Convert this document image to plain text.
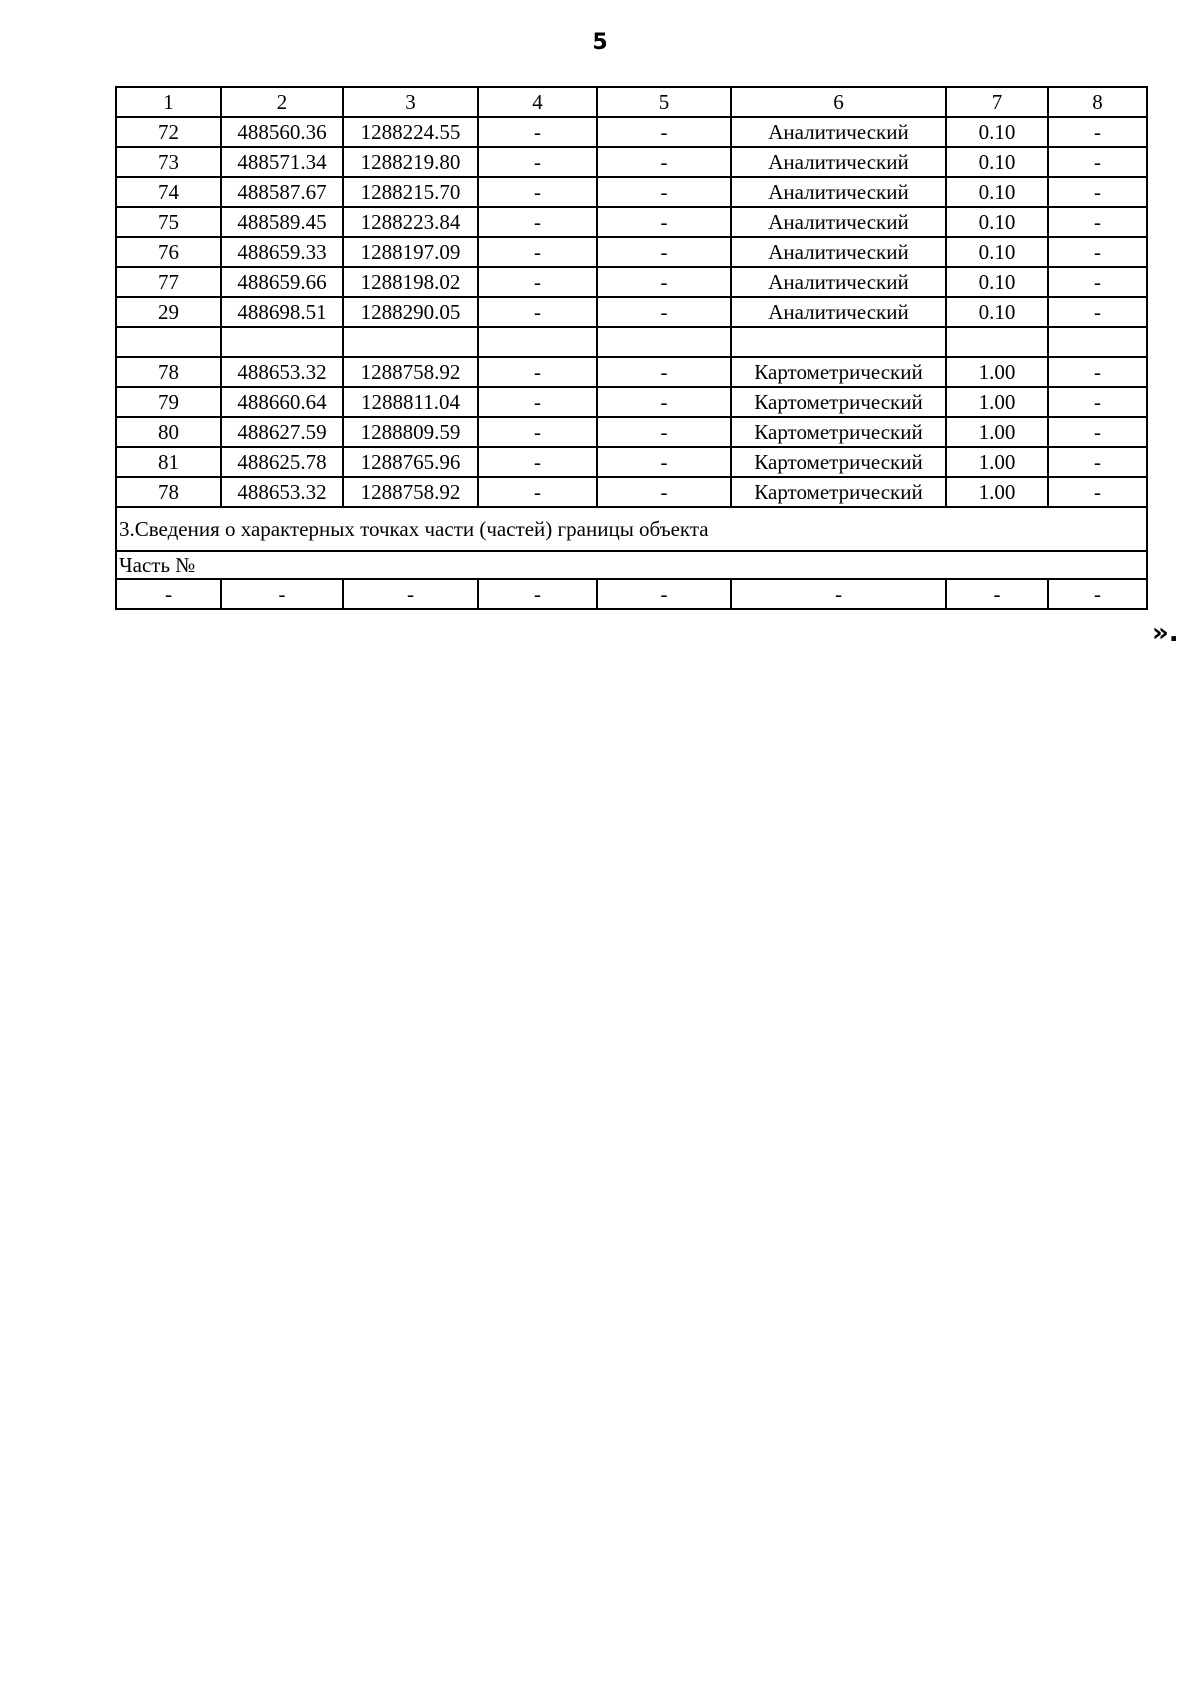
5
1	2	3	4	5	6	7	8
72	488560.36	1288224.55	-	-	Аналитический	0.10	-
73	488571.34	1288219.80	-	-	Аналитический	0.10	-
74	488587.67	1288215.70	-	-	Аналитический	0.10	-
75	488589.45	1288223.84	-	-	Аналитический	0.10	-
76	488659.33	1288197.09	-	-	Аналитический	0.10	-
77	488659.66	1288198.02	-	-	Аналитический	0.10	-
29	488698.51	1288290.05	-	-	Аналитический	0.10	-

78	488653.32	1288758.92	-	-	Картометрический	1.00	-
79	488660.64	1288811.04	-	-	Картометрический	1.00	-
80	488627.59	1288809.59	-	-	Картометрический	1.00	-
81	488625.78	1288765.96	-	-	Картометрический	1.00	-
78	488653.32	1288758.92	-	-	Картометрический	1.00	-
3.Сведения о характерных точках части (частей) границы объекта							
Часть №							
-	-	-	-	-	-	-	-
».
